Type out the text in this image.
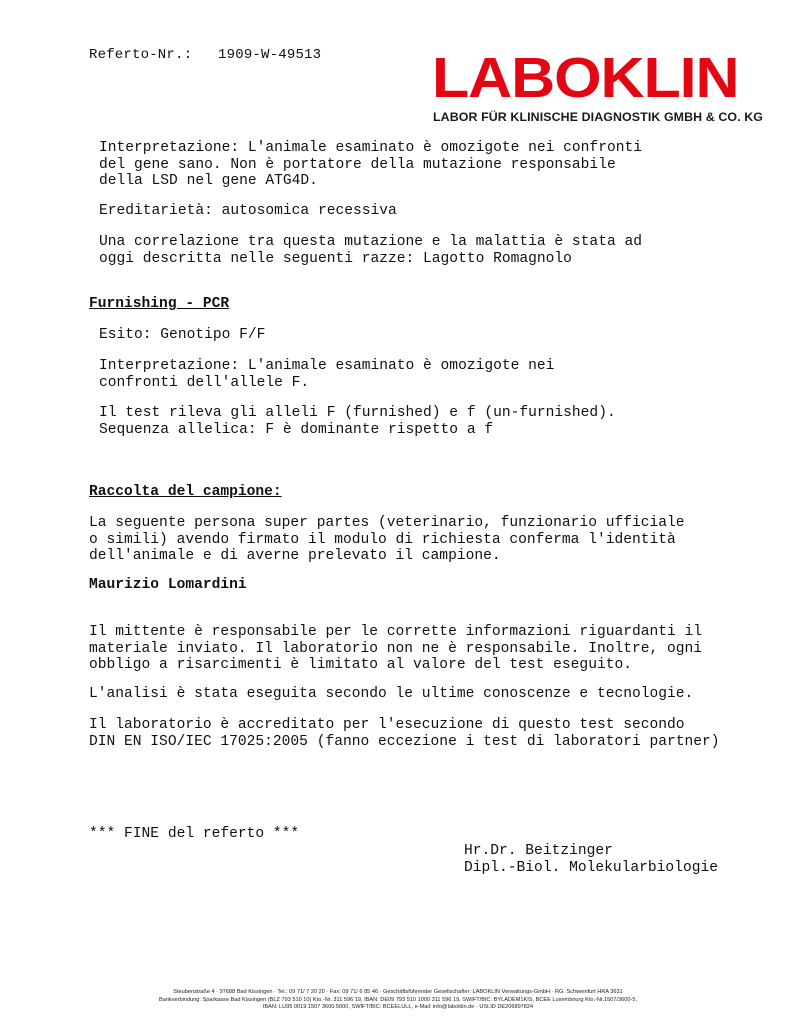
Referto-Nr.: 1909-W-49513 LABOKLIN
LABOR FÜR KLINISCHE DIAGNOSTIK GMBH & CO. KG
Interpretazione: L'animale esaminato è omozigote nei confronti
del gene sano. Non è portatore della mutazione responsabile
della LSD nel gene ATG4D.
Ereditarietà: autosomica recessiva
Una correlazione tra questa mutazione e la malattia è stata ad
oggi descritta nelle seguenti razze: Lagotto Romagnolo
Furnishing - PCR
Esito: Genotipo F/F
Interpretazione: L'animale esaminato è omozigote nei
confronti dell'allele F.
Il test rileva gli alleli F (furnished) e f (un-furnished).
Sequenza allelica: F è dominante rispetto a f
Raccolta del campione:
La seguente persona super partes (veterinario, funzionario ufficiale
o simili) avendo firmato il modulo di richiesta conferma l'identità
dell'animale e di averne prelevato il campione.
Maurizio Lomardini
Il mittente è responsabile per le corrette informazioni riguardanti il
materiale inviato. Il laboratorio non ne è responsabile. Inoltre, ogni
obbligo a risarcimenti è limitato al valore del test eseguito.
L'analisi è stata eseguita secondo le ultime conoscenze e tecnologie.
Il laboratorio è accreditato per l'esecuzione di questo test secondo
DIN EN ISO/IEC 17025:2005 (fanno eccezione i test di laboratori partner)
*** FINE del referto ***
Hr.Dr. Beitzinger
Dipl.-Biol. Molekularbiologie
Steubenstraße 4 · 97688 Bad Kissingen · Tel.: 09 71/ 7 20 20 · Fax: 09 71/ 6 85 46 · Geschäftsführender Gesellschafter: LABOKLIN Verwaltungs-GmbH · RG. Schweinfurt HRA 3631
Bankverbindung: Sparkasse Bad Kissingen (BLZ 793 510 10) Kto.-Nr. 311 596 19, IBAN: DE09 793 510 1000 311 596 19, SWIFT/BIC: BYLADEM1KIS, BCEE Luxembourg Kto.-Nr.1507/3600-5,
IBAN: LU95 0019 1507 3600 5000, SWIFT/BIC: BCEELULL, e-Mail: info@laboklin.de · USt.ID DE206897824
